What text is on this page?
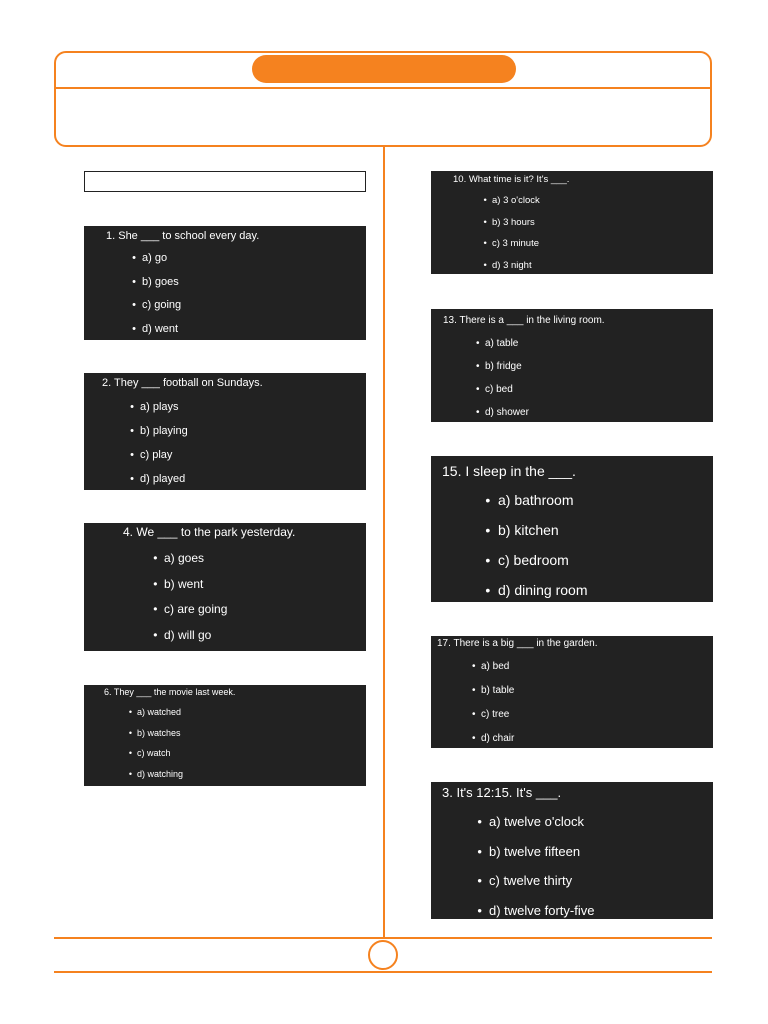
1. She ___ to school every day.
• a) go
• b) goes
• c) going
• d) went
2. They ___ football on Sundays.
• a) plays
• b) playing
• c) play
• d) played
4. We ___ to the park yesterday.
• a) goes
• b) went
• c) are going
• d) will go
6. They ___ the movie last week.
• a) watched
• b) watches
• c) watch
• d) watching
10. What time is it? It's ___.
• a) 3 o'clock
• b) 3 hours
• c) 3 minute
• d) 3 night
13. There is a ___ in the living room.
• a) table
• b) fridge
• c) bed
• d) shower
15. I sleep in the ___.
• a) bathroom
• b) kitchen
• c) bedroom
• d) dining room
17. There is a big ___ in the garden.
• a) bed
• b) table
• c) tree
• d) chair
3. It's 12:15. It's ___.
• a) twelve o'clock
• b) twelve fifteen
• c) twelve thirty
• d) twelve forty-five
